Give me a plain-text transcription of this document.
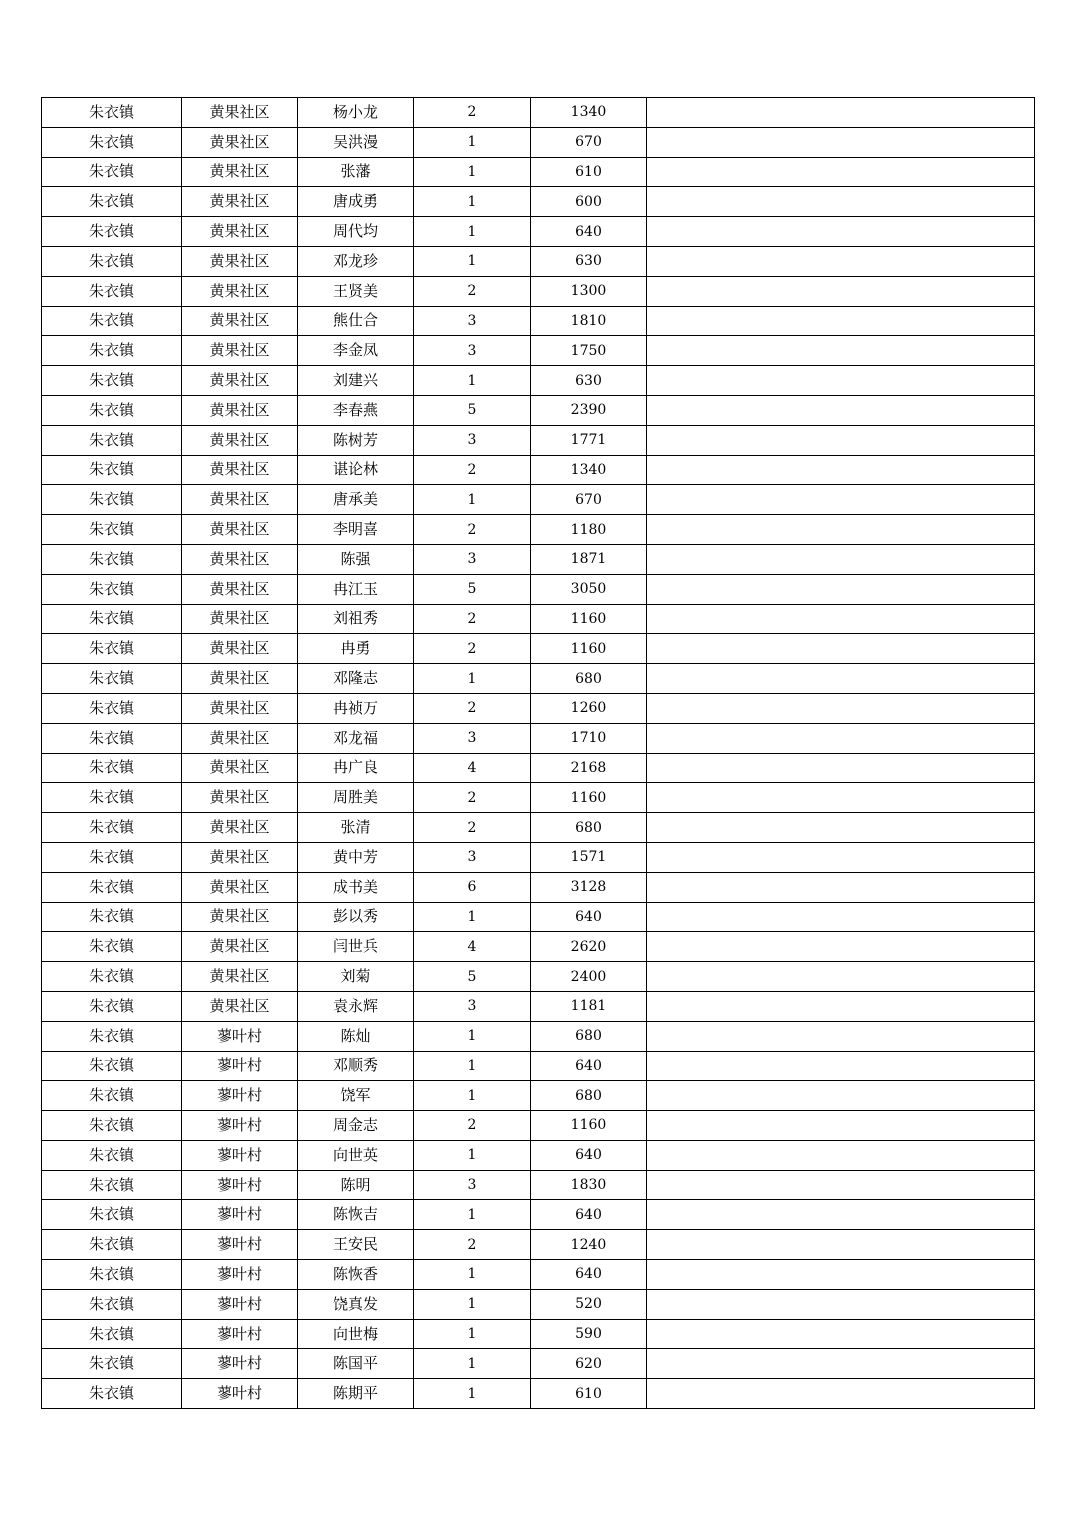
朱衣镇	黄果社区	杨小龙	2	1340	
朱衣镇	黄果社区	吴洪漫	1	670	
朱衣镇	黄果社区	张藩	1	610	
朱衣镇	黄果社区	唐成勇	1	600	
朱衣镇	黄果社区	周代均	1	640	
朱衣镇	黄果社区	邓龙珍	1	630	
朱衣镇	黄果社区	王贤美	2	1300	
朱衣镇	黄果社区	熊仕合	3	1810	
朱衣镇	黄果社区	李金凤	3	1750	
朱衣镇	黄果社区	刘建兴	1	630	
朱衣镇	黄果社区	李春燕	5	2390	
朱衣镇	黄果社区	陈树芳	3	1771	
朱衣镇	黄果社区	谌论林	2	1340	
朱衣镇	黄果社区	唐承美	1	670	
朱衣镇	黄果社区	李明喜	2	1180	
朱衣镇	黄果社区	陈强	3	1871	
朱衣镇	黄果社区	冉江玉	5	3050	
朱衣镇	黄果社区	刘祖秀	2	1160	
朱衣镇	黄果社区	冉勇	2	1160	
朱衣镇	黄果社区	邓隆志	1	680	
朱衣镇	黄果社区	冉祯万	2	1260	
朱衣镇	黄果社区	邓龙福	3	1710	
朱衣镇	黄果社区	冉广良	4	2168	
朱衣镇	黄果社区	周胜美	2	1160	
朱衣镇	黄果社区	张清	2	680	
朱衣镇	黄果社区	黄中芳	3	1571	
朱衣镇	黄果社区	成书美	6	3128	
朱衣镇	黄果社区	彭以秀	1	640	
朱衣镇	黄果社区	闫世兵	4	2620	
朱衣镇	黄果社区	刘菊	5	2400	
朱衣镇	黄果社区	袁永辉	3	1181	
朱衣镇	蓼叶村	陈灿	1	680	
朱衣镇	蓼叶村	邓顺秀	1	640	
朱衣镇	蓼叶村	饶军	1	680	
朱衣镇	蓼叶村	周金志	2	1160	
朱衣镇	蓼叶村	向世英	1	640	
朱衣镇	蓼叶村	陈明	3	1830	
朱衣镇	蓼叶村	陈恢吉	1	640	
朱衣镇	蓼叶村	王安民	2	1240	
朱衣镇	蓼叶村	陈恢香	1	640	
朱衣镇	蓼叶村	饶真发	1	520	
朱衣镇	蓼叶村	向世梅	1	590	
朱衣镇	蓼叶村	陈国平	1	620	
朱衣镇	蓼叶村	陈期平	1	610	
